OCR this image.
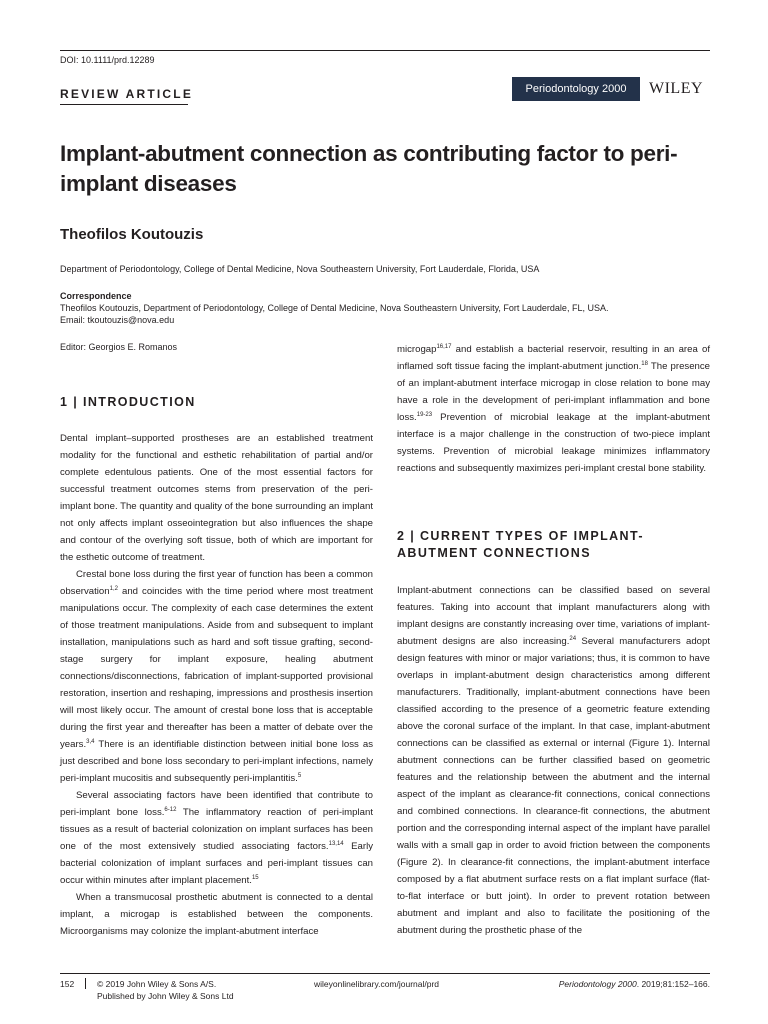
DOI: 10.1111/prd.12289
REVIEW ARTICLE	Periodontology 2000	WILEY
Implant-abutment connection as contributing factor to peri-implant diseases
Theofilos Koutouzis
Department of Periodontology, College of Dental Medicine, Nova Southeastern University, Fort Lauderdale, Florida, USA
Correspondence
Theofilos Koutouzis, Department of Periodontology, College of Dental Medicine, Nova Southeastern University, Fort Lauderdale, FL, USA.
Email: tkoutouzis@nova.edu
Editor: Georgios E. Romanos
1 | INTRODUCTION

Dental implant–supported prostheses are an established treatment modality for the functional and esthetic rehabilitation of partial and/or complete edentulous patients. One of the most essential factors for successful treatment outcomes stems from preservation of the peri-implant bone. The quantity and quality of the bone surrounding an implant not only affects implant osseointegration but also influences the shape and contour of the overlying soft tissue, both of which are important for the esthetic outcome of treatment.

Crestal bone loss during the first year of function has been a common observation$^{1,2}$ and coincides with the time period where most treatment manipulations occur. The complexity of each case determines the extent of those treatment manipulations. Aside from and subsequent to implant installation, manipulations such as hard and soft tissue grafting, second-stage surgery for implant exposure, healing abutment connections/disconnections, fabrication of implant-supported provisional restoration, insertion and reshaping, impressions and prosthesis insertion will most likely occur. The amount of crestal bone loss that is acceptable during the first year and thereafter has been a matter of debate over the years.$^{3,4}$ There is an identifiable distinction between initial bone loss as just described and bone loss secondary to peri-implant infections, namely peri-implant mucositis and subsequently peri-implantitis.$^5$

Several associating factors have been identified that contribute to peri-implant bone loss.$^{6-12}$ The inflammatory reaction of peri-implant tissues as a result of bacterial colonization on implant surfaces has been one of the most extensively studied associating factors.$^{13,14}$ Early bacterial colonization of implant surfaces and peri-implant tissues can occur within minutes after implant placement.$^{15}$

When a transmucosal prosthetic abutment is connected to a dental implant, a microgap is established between the components. Microorganisms may colonize the implant-abutment interface

microgap$^{16,17}$ and establish a bacterial reservoir, resulting in an area of inflamed soft tissue facing the implant-abutment junction.$^{18}$ The presence of an implant-abutment interface microgap in close relation to bone may have a role in the development of peri-implant inflammation and bone loss.$^{19-23}$ Prevention of microbial leakage at the implant-abutment interface is a major challenge in the construction of two-piece implant systems. Prevention of microbial leakage minimizes inflammatory reactions and subsequently maximizes peri-implant crestal bone stability.

2 | CURRENT TYPES OF IMPLANT-
ABUTMENT CONNECTIONS

Implant-abutment connections can be classified based on several features. Taking into account that implant manufacturers along with implant designs are constantly increasing over time, variations of implant-abutment designs are also increasing.$^{24}$ Several manufacturers adopt design features with minor or major variations; thus, it is common to have overlaps in implant-abutment design characteristics among different manufacturers. Traditionally, implant-abutment connections have been classified according to the presence of a geometric feature extending above the coronal surface of the implant. In that case, implant-abutment connections can be classified as external or internal (Figure 1). Internal abutment connections can be further classified based on geometric features and the relationship between the abutment and the internal aspect of the implant as clearance-fit connections, conical connections and combined connections. In clearance-fit connections, the abutment portion and the corresponding internal aspect of the implant have parallel walls with a small gap in order to avoid friction between the components (Figure 2). In clearance-fit connections, the implant-abutment interface composed by a flat abutment surface rests on a flat implant surface (flat-to-flat interface or butt joint). In order to prevent rotation between abutment and implant and also to facilitate the positioning of the abutment during the prosthetic phase of the

152	© 2019 John Wiley & Sons A/S.
Published by John Wiley & Sons Ltd
wileyonlinelibrary.com/journal/prd	Periodontology 2000. 2019;81:152–166.
